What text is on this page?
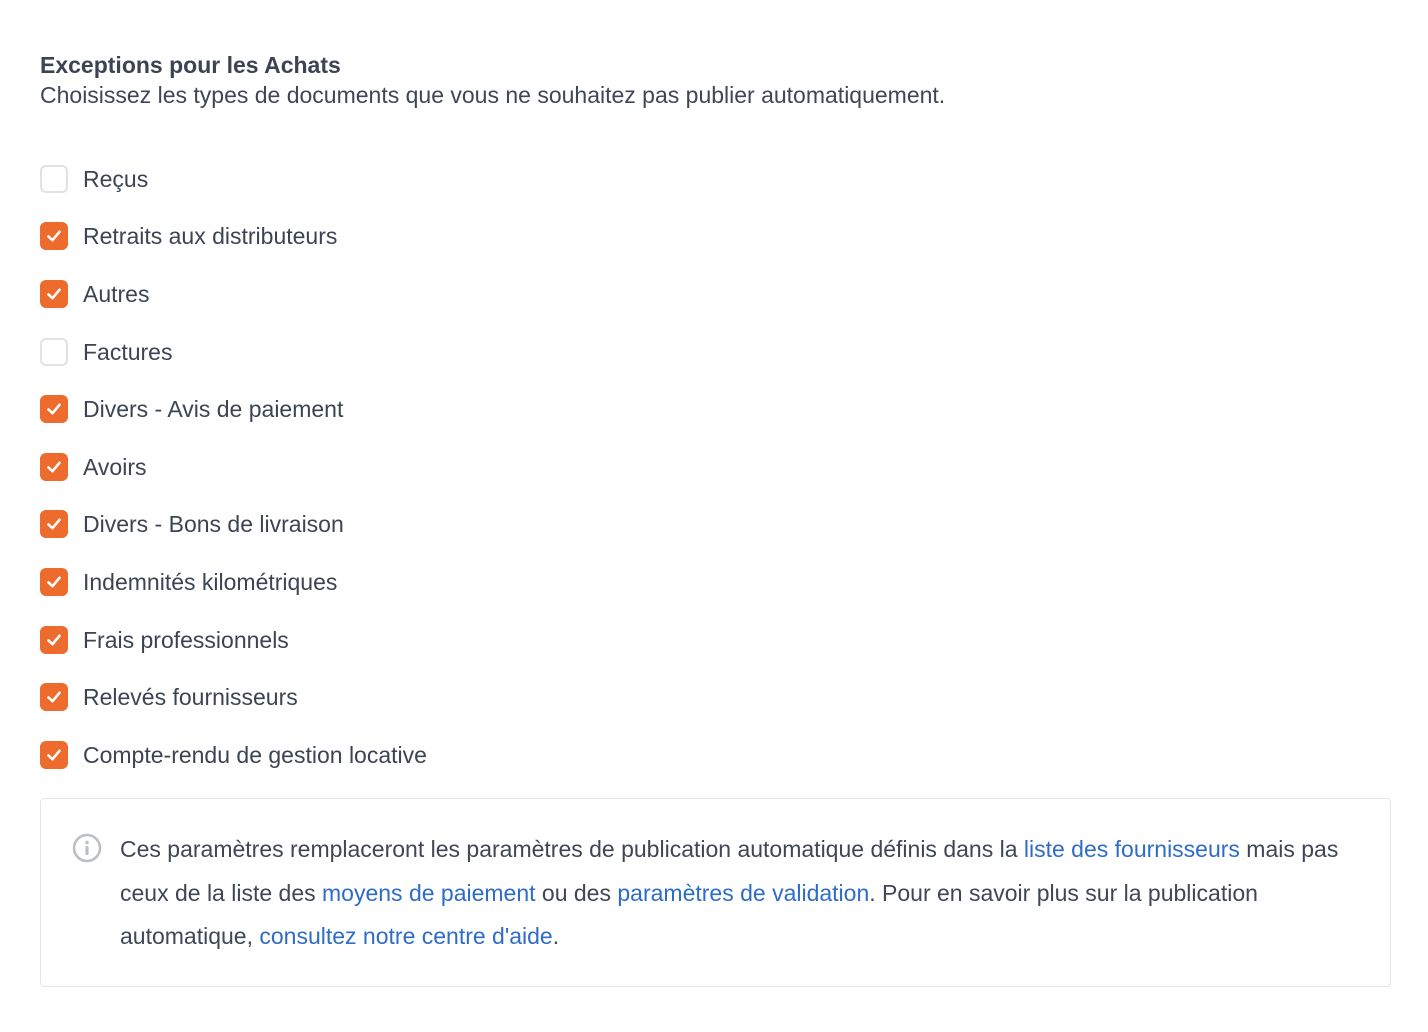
Exceptions pour les Achats

Choisissez les types de documents que vous ne souhaitez pas publier automatiquement.

Reçus
Retraits aux distributeurs
Autres
Factures
Divers - Avis de paiement
Avoirs
Divers - Bons de livraison
Indemnités kilométriques
Frais professionnels
Relevés fournisseurs
Compte-rendu de gestion locative

Ces paramètres remplaceront les paramètres de publication automatique définis dans la liste des fournisseurs mais pas ceux de la liste des moyens de paiement ou des paramètres de validation. Pour en savoir plus sur la publication automatique, consultez notre centre d'aide.
